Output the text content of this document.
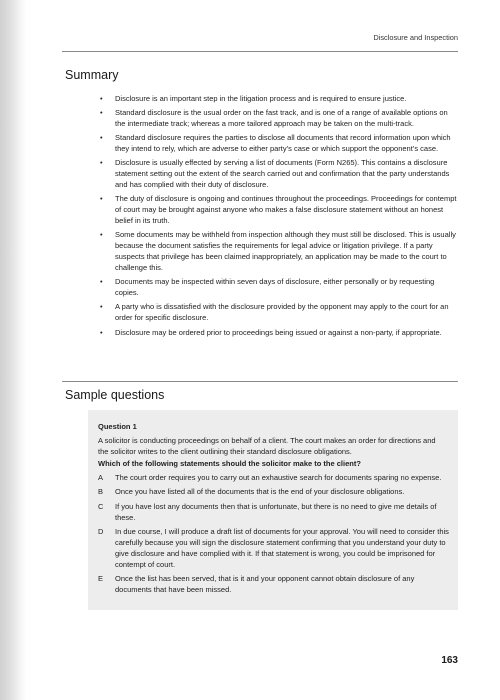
Disclosure and Inspection
Summary
• Disclosure is an important step in the litigation process and is required to ensure justice.
• Standard disclosure is the usual order on the fast track, and is one of a range of available options on the intermediate track; whereas a more tailored approach may be taken on the multi-track.
• Standard disclosure requires the parties to disclose all documents that record information upon which they intend to rely, which are adverse to either party’s case or which support the opponent’s case.
• Disclosure is usually effected by serving a list of documents (Form N265). This contains a disclosure statement setting out the extent of the search carried out and confirmation that the party understands and has complied with their duty of disclosure.
• The duty of disclosure is ongoing and continues throughout the proceedings. Proceedings for contempt of court may be brought against anyone who makes a false disclosure statement without an honest belief in its truth.
• Some documents may be withheld from inspection although they must still be disclosed. This is usually because the document satisfies the requirements for legal advice or litigation privilege. If a party suspects that privilege has been claimed inappropriately, an application may be made to the court to challenge this.
• Documents may be inspected within seven days of disclosure, either personally or by requesting copies.
• A party who is dissatisfied with the disclosure provided by the opponent may apply to the court for an order for specific disclosure.
• Disclosure may be ordered prior to proceedings being issued or against a non-party, if appropriate.
Sample questions
Question 1
A solicitor is conducting proceedings on behalf of a client. The court makes an order for directions and the solicitor writes to the client outlining their standard disclosure obligations.
Which of the following statements should the solicitor make to the client?
A The court order requires you to carry out an exhaustive search for documents sparing no expense.
B Once you have listed all of the documents that is the end of your disclosure obligations.
C If you have lost any documents then that is unfortunate, but there is no need to give me details of these.
D In due course, I will produce a draft list of documents for your approval. You will need to consider this carefully because you will sign the disclosure statement confirming that you understand your duty to give disclosure and have complied with it. If that statement is wrong, you could be imprisoned for contempt of court.
E Once the list has been served, that is it and your opponent cannot obtain disclosure of any documents that have been missed.
163
